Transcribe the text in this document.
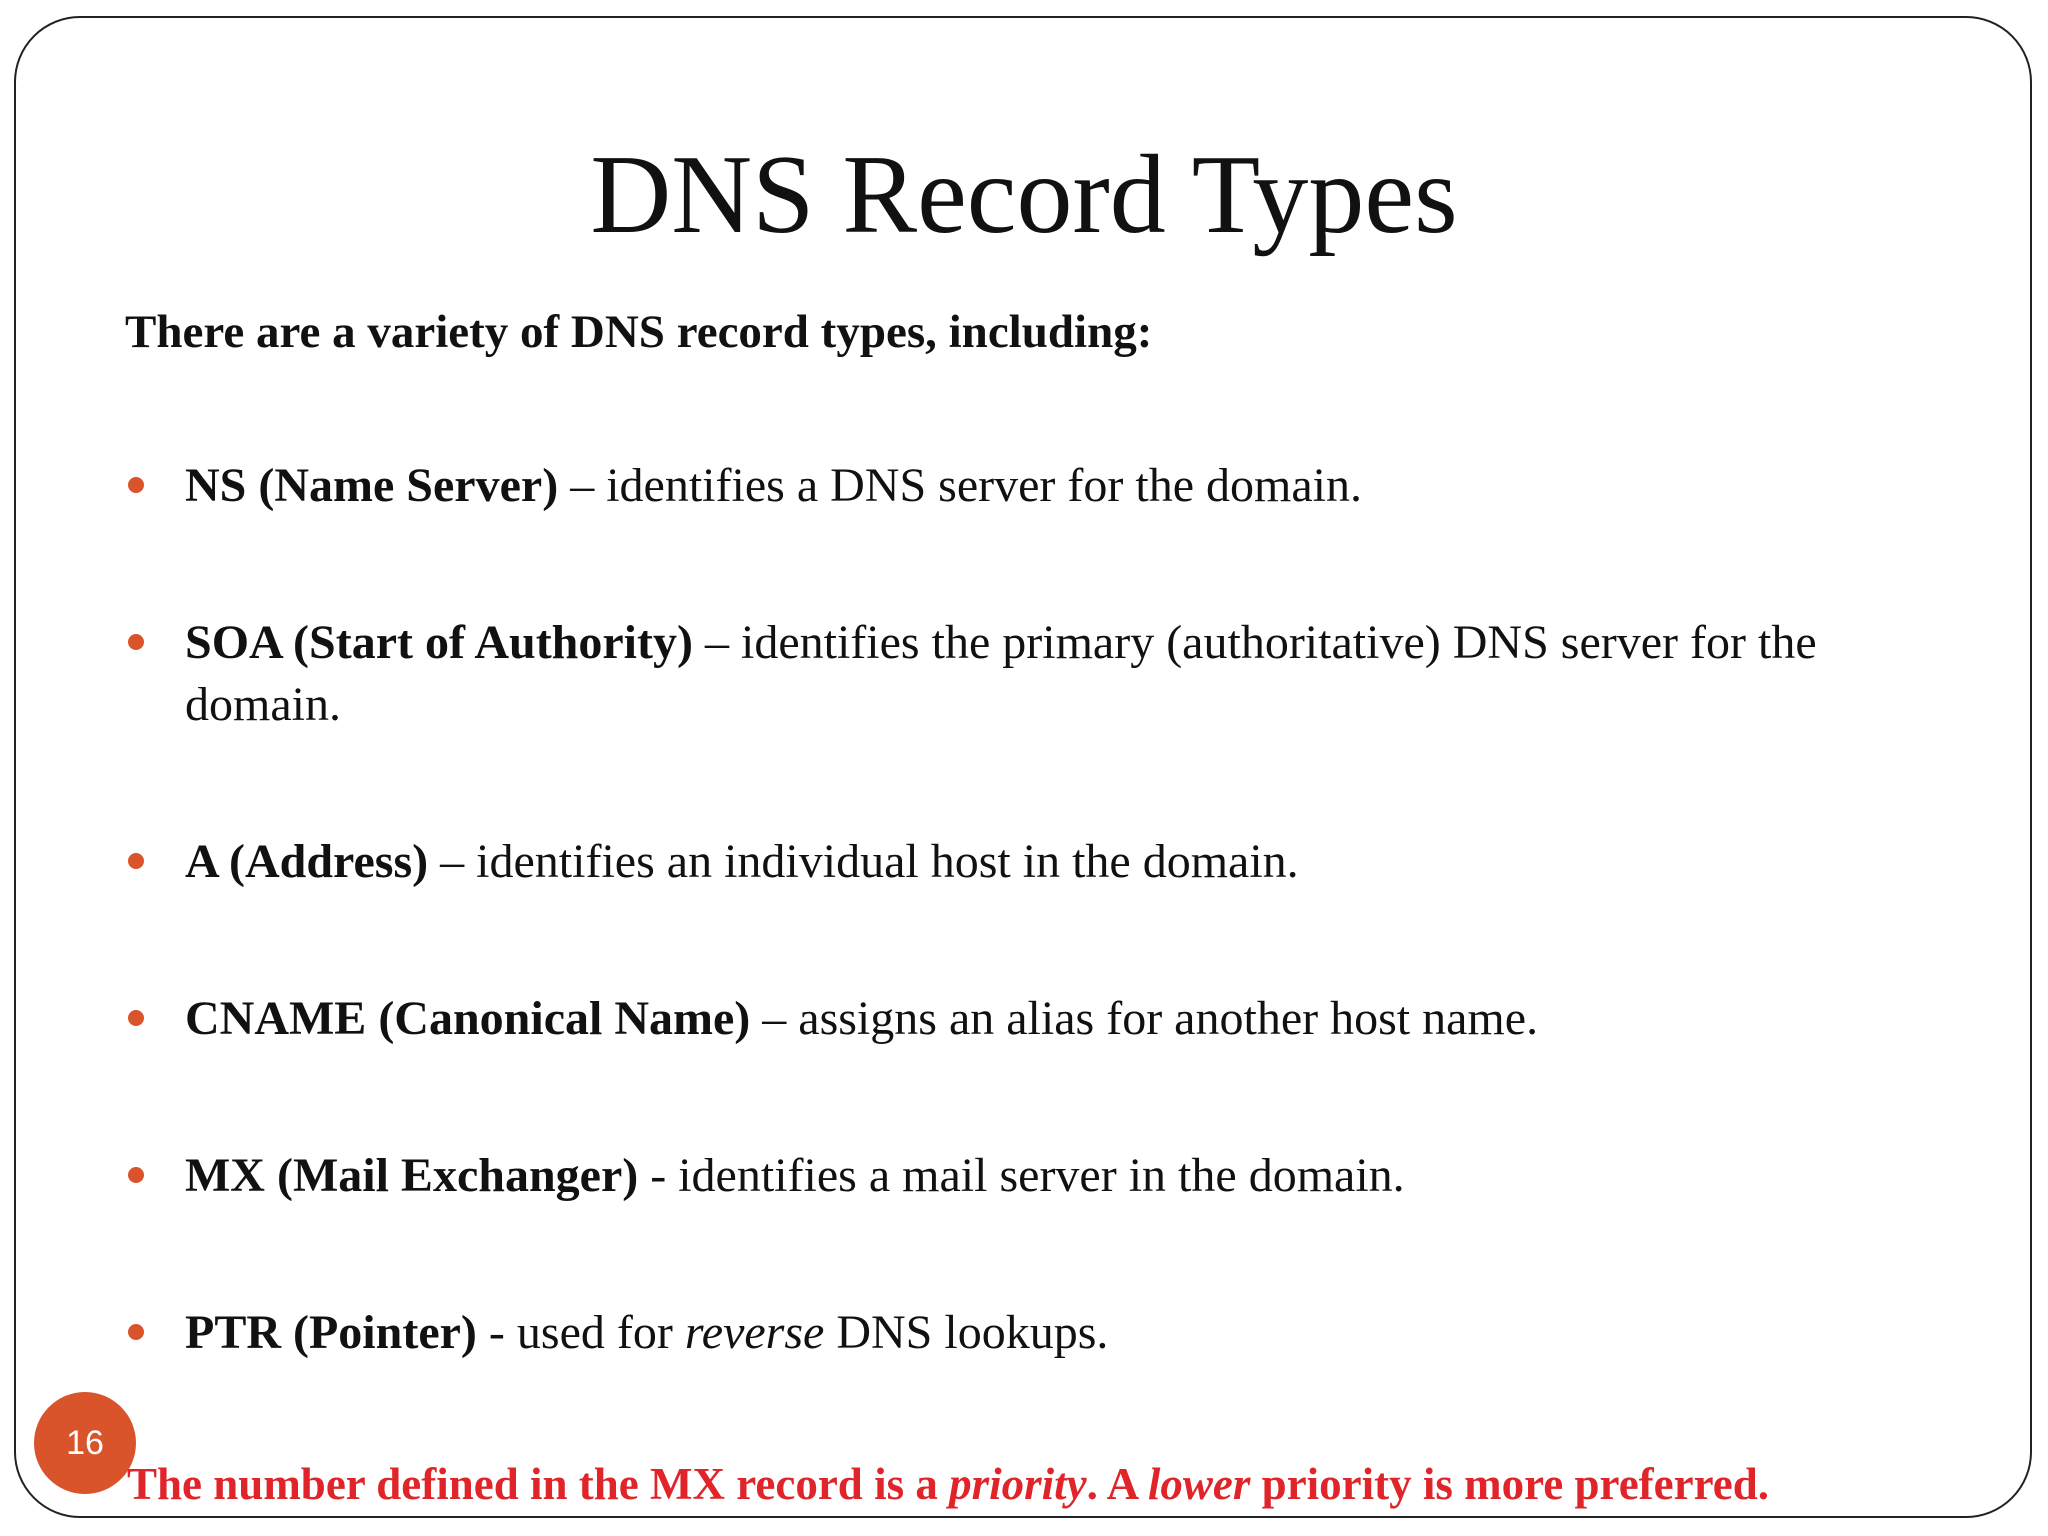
DNS Record Types

There are a variety of DNS record types, including:

NS (Name Server) – identifies a DNS server for the domain.
SOA (Start of Authority) – identifies the primary (authoritative) DNS server for the domain.
A (Address) – identifies an individual host in the domain.
CNAME (Canonical Name) – assigns an alias for another host name.
MX (Mail Exchanger) - identifies a mail server in the domain.
PTR (Pointer) - used for reverse DNS lookups.
16

The number defined in the MX record is a priority. A lower priority is more preferred.
